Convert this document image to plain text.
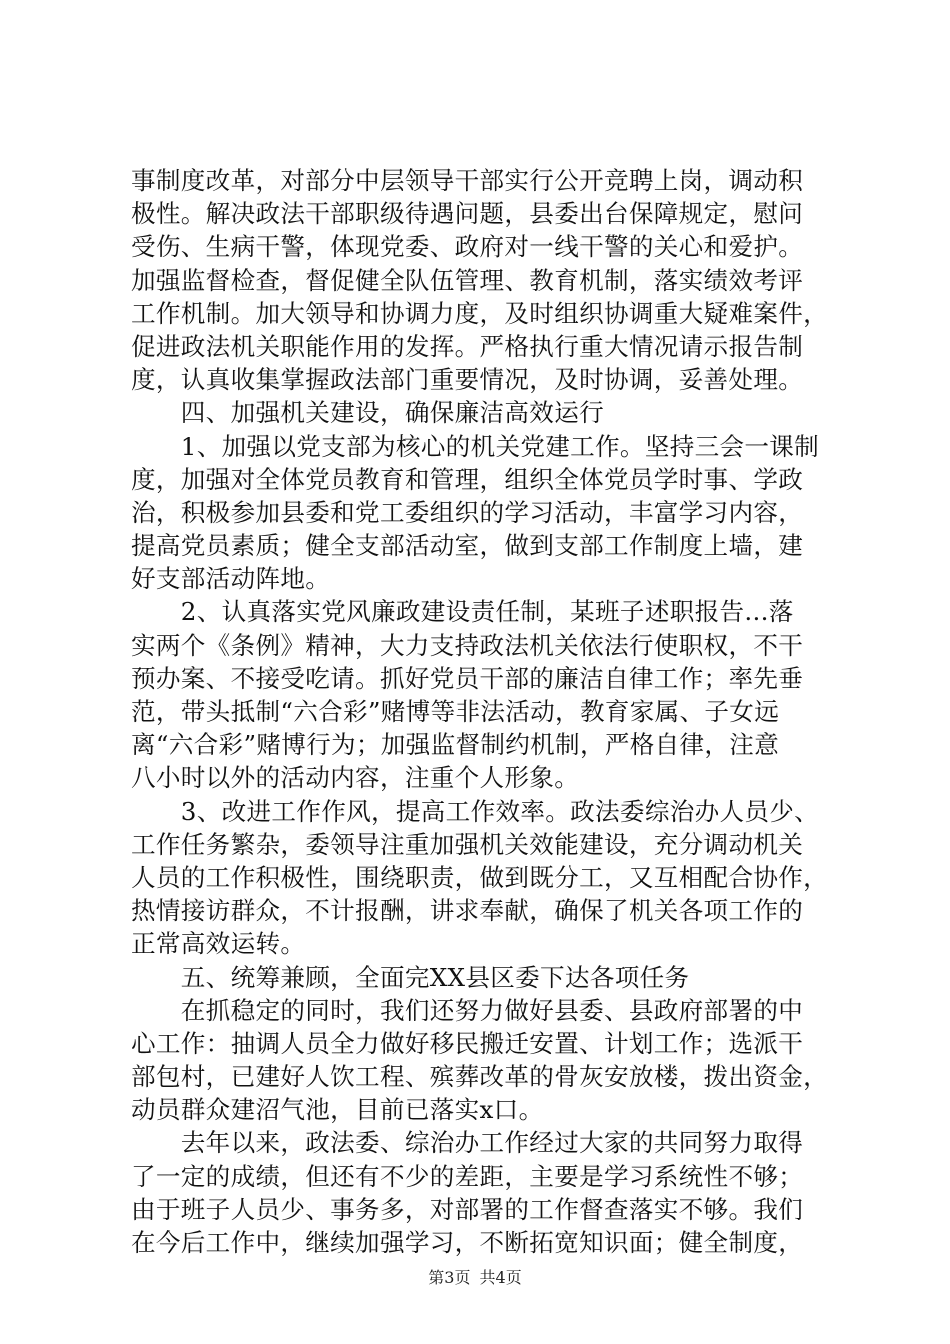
事制度改革，对部分中层领导干部实行公开竞聘上岗，调动积
极性。解决政法干部职级待遇问题，县委出台保障规定，慰问
受伤、生病干警，体现党委、政府对一线干警的关心和爱护。
加强监督检查，督促健全队伍管理、教育机制，落实绩效考评
工作机制。加大领导和协调力度，及时组织协调重大疑难案件，
促进政法机关职能作用的发挥。严格执行重大情况请示报告制
度，认真收集掌握政法部门重要情况，及时协调，妥善处理。
　　四、加强机关建设，确保廉洁高效运行
　　1、加强以党支部为核心的机关党建工作。坚持三会一课制
度，加强对全体党员教育和管理，组织全体党员学时事、学政
治，积极参加县委和党工委组织的学习活动，丰富学习内容，
提高党员素质；健全支部活动室，做到支部工作制度上墙，建
好支部活动阵地。
　　2、认真落实党风廉政建设责任制，某班子述职报告...落
实两个《条例》精神，大力支持政法机关依法行使职权，不干
预办案、不接受吃请。抓好党员干部的廉洁自律工作；率先垂
范，带头抵制“六合彩”赌博等非法活动，教育家属、子女远
离“六合彩”赌博行为；加强监督制约机制，严格自律，注意
八小时以外的活动内容，注重个人形象。
　　3、改进工作作风，提高工作效率。政法委综治办人员少、
工作任务繁杂，委领导注重加强机关效能建设，充分调动机关
人员的工作积极性，围绕职责，做到既分工，又互相配合协作，
热情接访群众，不计报酬，讲求奉献，确保了机关各项工作的
正常高效运转。
　　五、统筹兼顾，全面完XX县区委下达各项任务
　　在抓稳定的同时，我们还努力做好县委、县政府部署的中
心工作：抽调人员全力做好移民搬迁安置、计划工作；选派干
部包村，已建好人饮工程、殡葬改革的骨灰安放楼，拨出资金，
动员群众建沼气池，目前已落实x口。
　　去年以来，政法委、综治办工作经过大家的共同努力取得
了一定的成绩，但还有不少的差距，主要是学习系统性不够；
由于班子人员少、事务多，对部署的工作督查落实不够。我们
在今后工作中，继续加强学习，不断拓宽知识面；健全制度，
第3页 共4页
